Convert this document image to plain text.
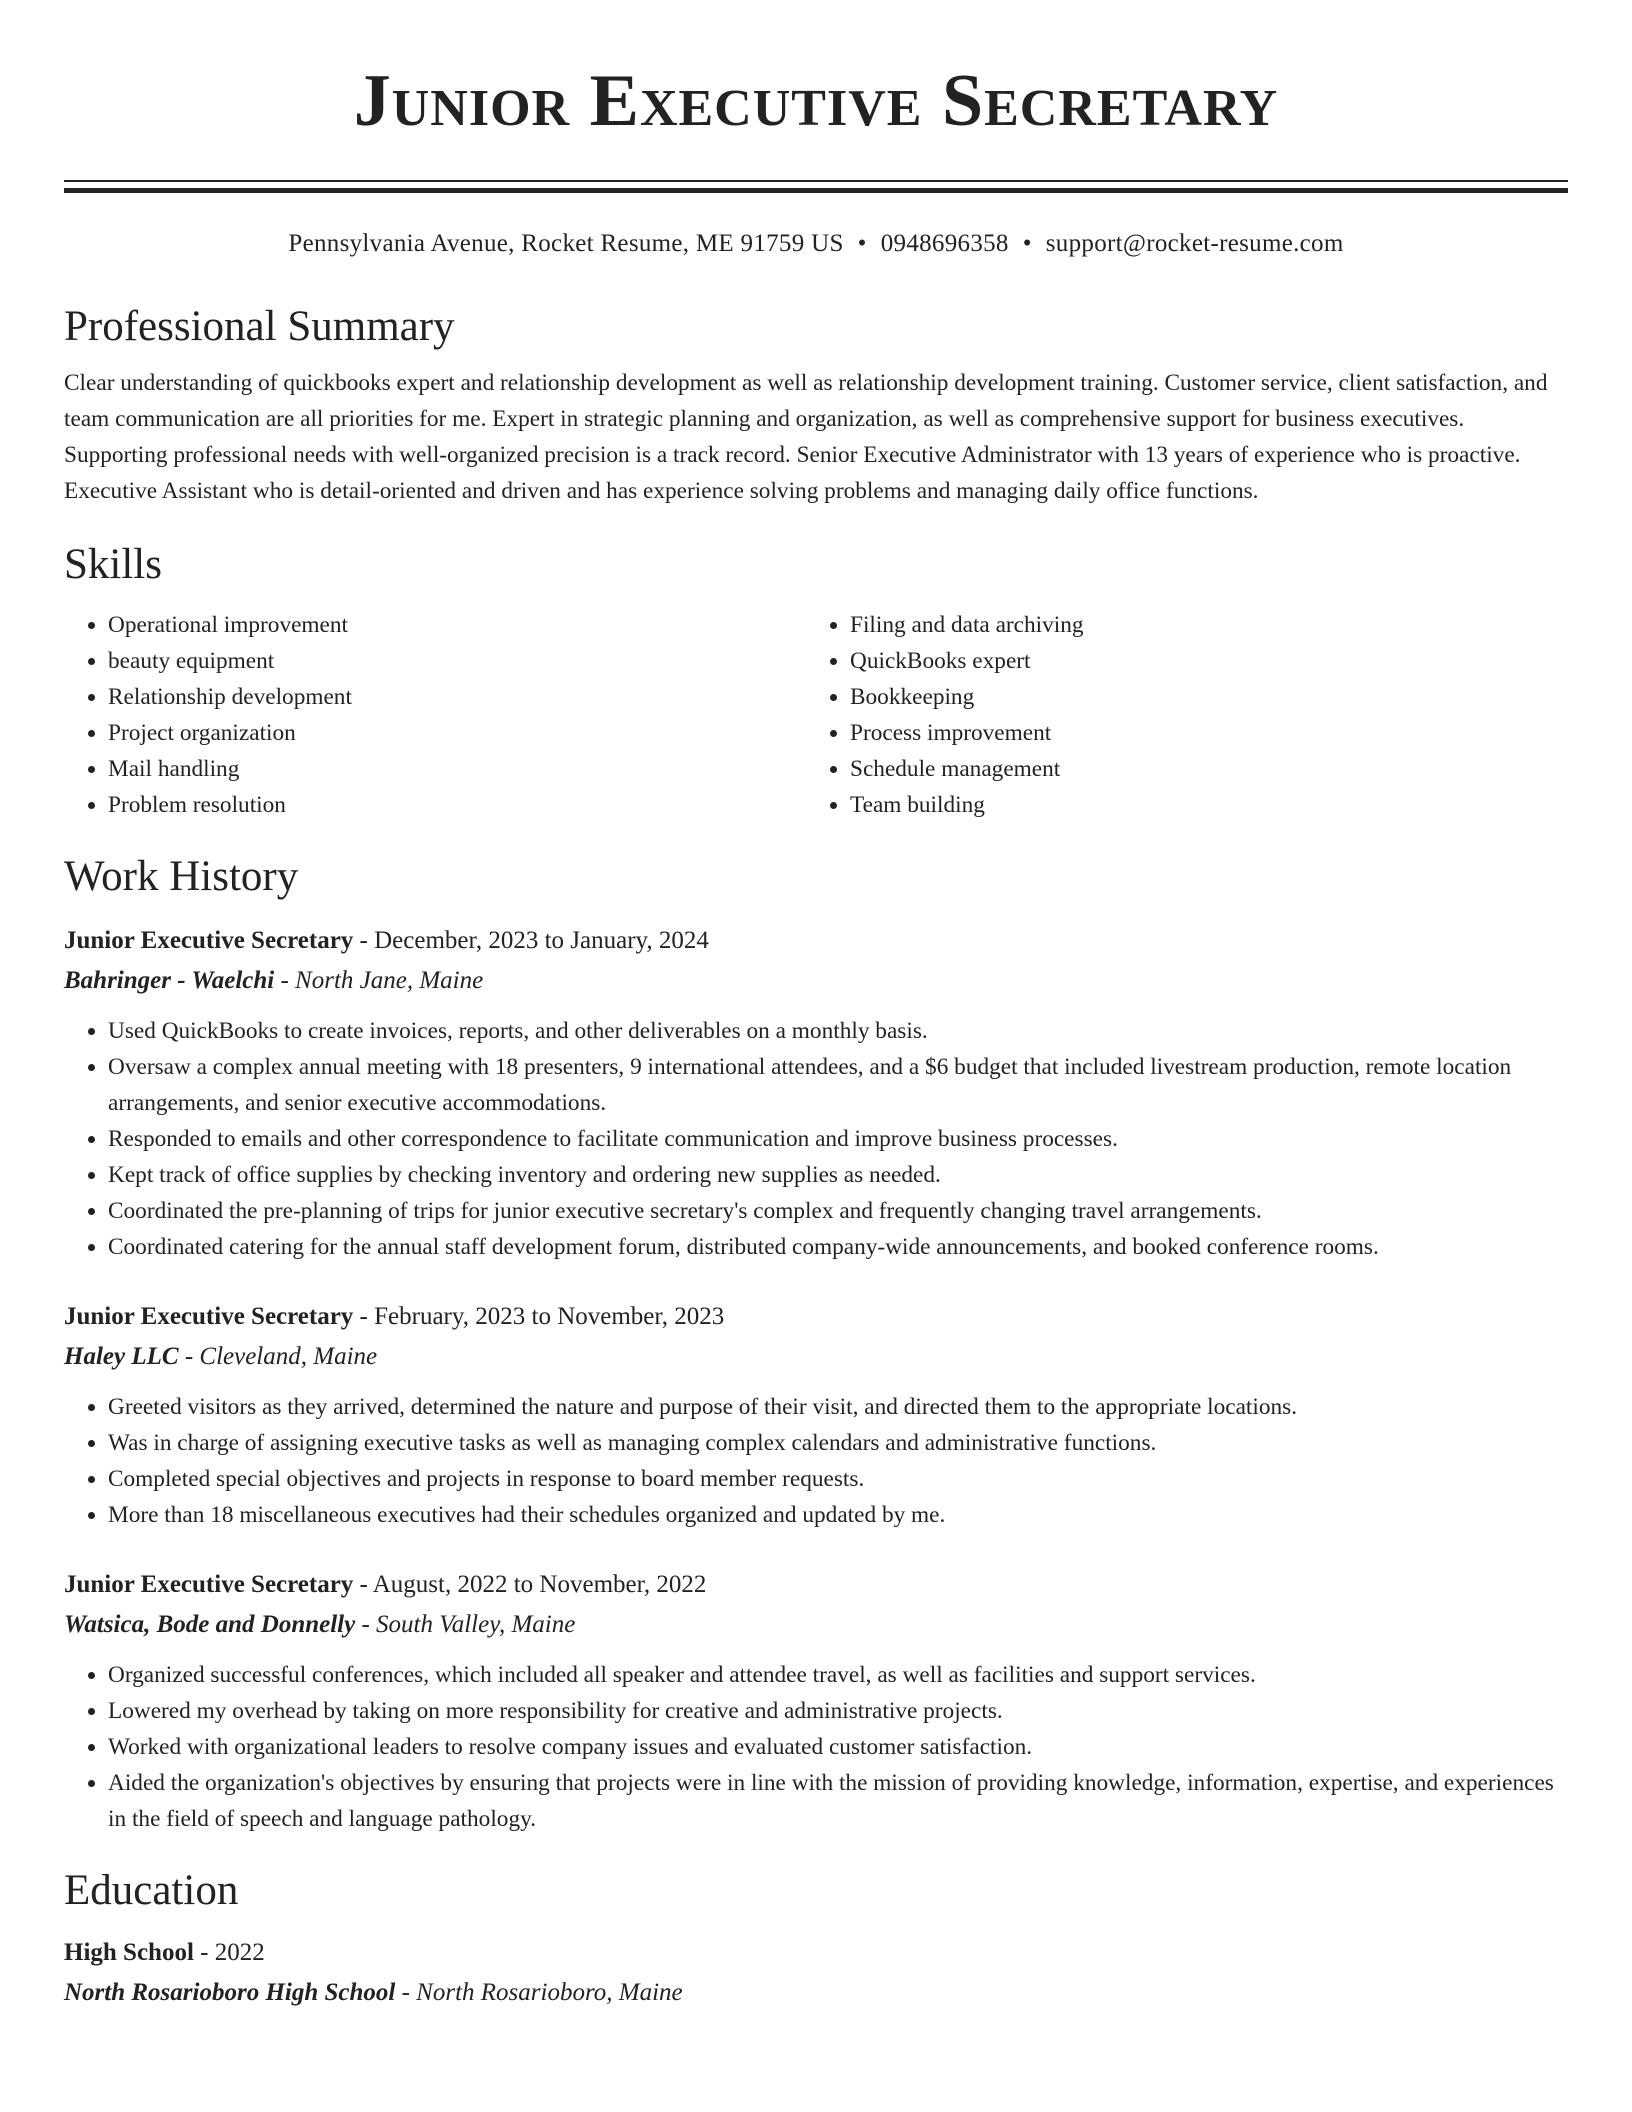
Junior Executive Secretary
Pennsylvania Avenue, Rocket Resume, ME 91759 US • 0948696358 • support@rocket-resume.com
Professional Summary

Clear understanding of quickbooks expert and relationship development as well as relationship development training. Customer service, client satisfaction, and team communication are all priorities for me. Expert in strategic planning and organization, as well as comprehensive support for business executives. Supporting professional needs with well-organized precision is a track record. Senior Executive Administrator with 13 years of experience who is proactive. Executive Assistant who is detail-oriented and driven and has experience solving problems and managing daily office functions.

Skills
• Operational improvement
• beauty equipment
• Relationship development
• Project organization
• Mail handling
• Problem resolution
• Filing and data archiving
• QuickBooks expert
• Bookkeeping
• Process improvement
• Schedule management
• Team building
Work History
Junior Executive Secretary - December, 2023 to January, 2024
Bahringer - Waelchi - North Jane, Maine
• Used QuickBooks to create invoices, reports, and other deliverables on a monthly basis.
• Oversaw a complex annual meeting with 18 presenters, 9 international attendees, and a $6 budget that included livestream production, remote location arrangements, and senior executive accommodations.
• Responded to emails and other correspondence to facilitate communication and improve business processes.
• Kept track of office supplies by checking inventory and ordering new supplies as needed.
• Coordinated the pre-planning of trips for junior executive secretary's complex and frequently changing travel arrangements.
• Coordinated catering for the annual staff development forum, distributed company-wide announcements, and booked conference rooms.
Junior Executive Secretary - February, 2023 to November, 2023
Haley LLC - Cleveland, Maine
• Greeted visitors as they arrived, determined the nature and purpose of their visit, and directed them to the appropriate locations.
• Was in charge of assigning executive tasks as well as managing complex calendars and administrative functions.
• Completed special objectives and projects in response to board member requests.
• More than 18 miscellaneous executives had their schedules organized and updated by me.
Junior Executive Secretary - August, 2022 to November, 2022
Watsica, Bode and Donnelly - South Valley, Maine
• Organized successful conferences, which included all speaker and attendee travel, as well as facilities and support services.
• Lowered my overhead by taking on more responsibility for creative and administrative projects.
• Worked with organizational leaders to resolve company issues and evaluated customer satisfaction.
• Aided the organization's objectives by ensuring that projects were in line with the mission of providing knowledge, information, expertise, and experiences in the field of speech and language pathology.
Education
High School - 2022
North Rosarioboro High School - North Rosarioboro, Maine
